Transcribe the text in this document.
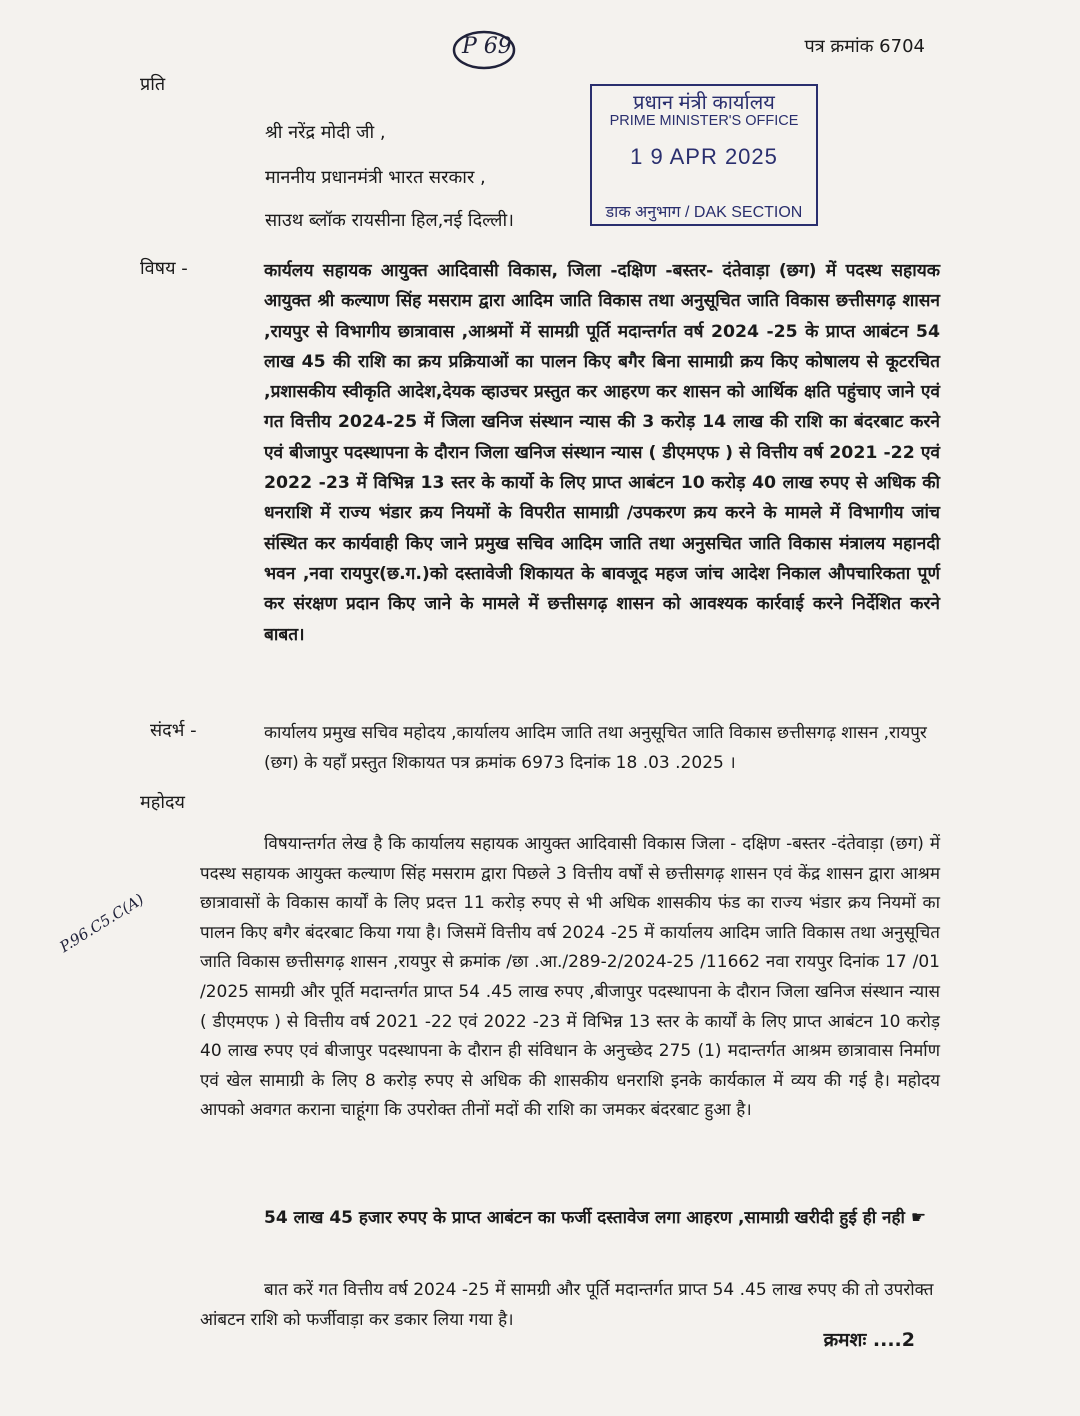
P 69	पत्र क्रमांक 6704
प्रति
श्री नरेंद्र मोदी जी ,
माननीय प्रधानमंत्री भारत सरकार ,
साउथ ब्लॉक रायसीना हिल,नई दिल्ली।
प्रधान मंत्री कार्यालय
PRIME MINISTER'S OFFICE
1 9 APR 2025
डाक अनुभाग / DAK SECTION
विषय -	कार्यलय सहायक आयुक्त आदिवासी विकास, जिला -दक्षिण -बस्तर- दंतेवाड़ा (छग) में पदस्थ सहायक आयुक्त श्री कल्याण सिंह मसराम द्वारा आदिम जाति विकास तथा अनुसूचित जाति विकास छत्तीसगढ़ शासन ,रायपुर से विभागीय छात्रावास ,आश्रमों में सामग्री पूर्ति मदान्तर्गत वर्ष 2024 -25 के प्राप्त आबंटन 54 लाख 45 की राशि का क्रय प्रक्रियाओं का पालन किए बगैर बिना सामाग्री क्रय किए कोषालय से कूटरचित ,प्रशासकीय स्वीकृति आदेश,देयक व्हाउचर प्रस्तुत कर आहरण कर शासन को आर्थिक क्षति पहुंचाए जाने एवं गत वित्तीय 2024-25 में जिला खनिज संस्थान न्यास की 3 करोड़ 14 लाख की राशि का बंदरबाट करने एवं बीजापुर पदस्थापना के दौरान जिला खनिज संस्थान न्यास ( डीएमएफ ) से वित्तीय वर्ष 2021 -22 एवं 2022 -23 में विभिन्न 13 स्तर के कार्यो के लिए प्राप्त आबंटन 10 करोड़ 40 लाख रुपए से अधिक की धनराशि में राज्य भंडार क्रय नियमों के विपरीत सामाग्री /उपकरण क्रय करने के मामले में विभागीय जांच संस्थित कर कार्यवाही किए जाने प्रमुख सचिव आदिम जाति तथा अनुसचित जाति विकास मंत्रालय महानदी भवन ,नवा रायपुर(छ.ग.)को दस्तावेजी शिकायत के बावजूद महज जांच आदेश निकाल औपचारिकता पूर्ण कर संरक्षण प्रदान किए जाने के मामले में छत्तीसगढ़ शासन को आवश्यक कार्रवाई करने निर्देशित करने बाबत।
संदर्भ -	कार्यालय प्रमुख सचिव महोदय ,कार्यालय आदिम जाति तथा अनुसूचित जाति विकास छत्तीसगढ़ शासन ,रायपुर (छग) के यहाँ प्रस्तुत शिकायत पत्र क्रमांक 6973 दिनांक 18 .03 .2025 ।
महोदय
P.96.C5.C(A)
विषयान्तर्गत लेख है कि कार्यालय सहायक आयुक्त आदिवासी विकास जिला - दक्षिण -बस्तर -दंतेवाड़ा (छग) में पदस्थ सहायक आयुक्त कल्याण सिंह मसराम द्वारा पिछले 3 वित्तीय वर्षों से छत्तीसगढ़ शासन एवं केंद्र शासन द्वारा आश्रम छात्रावासों के विकास कार्यों के लिए प्रदत्त 11 करोड़ रुपए से भी अधिक शासकीय फंड का राज्य भंडार क्रय नियमों का पालन किए बगैर बंदरबाट किया गया है। जिसमें वित्तीय वर्ष 2024 -25 में कार्यालय आदिम जाति विकास तथा अनुसूचित जाति विकास छत्तीसगढ़ शासन ,रायपुर से क्रमांक /छा .आ./289-2/2024-25 /11662 नवा रायपुर दिनांक 17 /01 /2025 सामग्री और पूर्ति मदान्तर्गत प्राप्त 54 .45 लाख रुपए ,बीजापुर पदस्थापना के दौरान जिला खनिज संस्थान न्यास ( डीएमएफ ) से वित्तीय वर्ष 2021 -22 एवं 2022 -23 में विभिन्न 13 स्तर के कार्यों के लिए प्राप्त आबंटन 10 करोड़ 40 लाख रुपए एवं बीजापुर पदस्थापना के दौरान ही संविधान के अनुच्छेद 275 (1) मदान्तर्गत आश्रम छात्रावास निर्माण एवं खेल सामाग्री के लिए 8 करोड़ रुपए से अधिक की शासकीय धनराशि इनके कार्यकाल में व्यय की गई है। महोदय आपको अवगत कराना चाहूंगा कि उपरोक्त तीनों मदों की राशि का जमकर बंदरबाट हुआ है।
54 लाख 45 हजार रुपए के प्राप्त आबंटन का फर्जी दस्तावेज लगा आहरण ,सामाग्री खरीदी हुई ही नही ☛
बात करें गत वित्तीय वर्ष 2024 -25 में सामग्री और पूर्ति मदान्तर्गत प्राप्त 54 .45 लाख रुपए की तो उपरोक्त आंबटन राशि को फर्जीवाड़ा कर डकार लिया गया है।
क्रमशः ....2
